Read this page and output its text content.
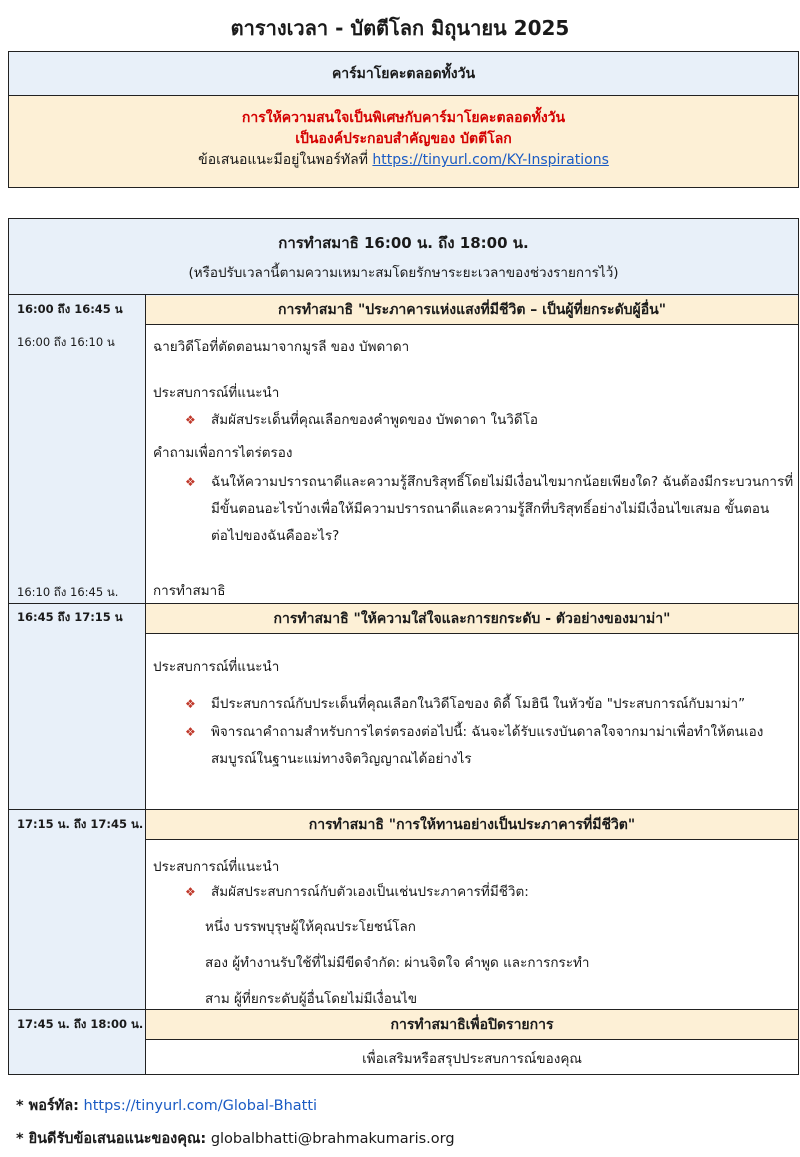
ตารางเวลา - บัตตีโลก มิถุนายน 2025
คาร์มาโยคะตลอดทั้งวัน
การให้ความสนใจเป็นพิเศษกับคาร์มาโยคะตลอดทั้งวัน
เป็นองค์ประกอบสำคัญของ บัตตีโลก
ข้อเสนอแนะมีอยู่ในพอร์ทัลที่ https://tinyurl.com/KY-Inspirations
การทำสมาธิ 16:00 น. ถึง 18:00 น.
(หรือปรับเวลานี้ตามความเหมาะสมโดยรักษาระยะเวลาของช่วงรายการไว้)
การทำสมาธิ "ประภาคารแห่งแสงที่มีชีวิต – เป็นผู้ที่ยกระดับผู้อื่น"
การทำสมาธิ "ให้ความใส่ใจและการยกระดับ - ตัวอย่างของมาม่า"
การทำสมาธิ "การให้ทานอย่างเป็นประภาคารที่มีชีวิต"
การทำสมาธิเพื่อปิดรายการ
16:00 ถึง 16:45 น
16:00 ถึง 16:10 น
16:10 ถึง 16:45 น.
16:45 ถึง 17:15 น
17:15 น. ถึง 17:45 น.
17:45 น. ถึง 18:00 น.
ฉายวิดีโอที่ตัดตอนมาจากมูรลี ของ บัพดาดา
ประสบการณ์ที่แนะนำ
❖ สัมผัสประเด็นที่คุณเลือกของคำพูดของ บัพดาดา ในวิดีโอ
คำถามเพื่อการไตร่ตรอง
❖ ฉันให้ความปรารถนาดีและความรู้สึกบริสุทธิ์โดยไม่มีเงื่อนไขมากน้อยเพียงใด? ฉันต้องมีกระบวนการที่
มีขั้นตอนอะไรบ้างเพื่อให้มีความปรารถนาดีและความรู้สึกที่บริสุทธิ์อย่างไม่มีเงื่อนไขเสมอ ขั้นตอน
ต่อไปของฉันคืออะไร?
การทำสมาธิ
ประสบการณ์ที่แนะนำ
❖ มีประสบการณ์กับประเด็นที่คุณเลือกในวิดีโอของ ดิดี้ โมฮินี ในหัวข้อ "ประสบการณ์กับมาม่า”
❖ พิจารณาคำถามสำหรับการไตร่ตรองต่อไปนี้: ฉันจะได้รับแรงบันดาลใจจากมาม่าเพื่อทำให้ตนเอง
สมบูรณ์ในฐานะแม่ทางจิตวิญญาณได้อย่างไร
ประสบการณ์ที่แนะนำ
❖ สัมผัสประสบการณ์กับตัวเองเป็นเช่นประภาคารที่มีชีวิต:
หนึ่ง บรรพบุรุษผู้ให้คุณประโยชน์โลก
สอง ผู้ทำงานรับใช้ที่ไม่มีขีดจำกัด: ผ่านจิตใจ คำพูด และการกระทำ
สาม ผู้ที่ยกระดับผู้อื่นโดยไม่มีเงื่อนไข
เพื่อเสริมหรือสรุปประสบการณ์ของคุณ
* พอร์ทัล: https://tinyurl.com/Global-Bhatti
* ยินดีรับข้อเสนอแนะของคุณ: globalbhatti@brahmakumaris.org
